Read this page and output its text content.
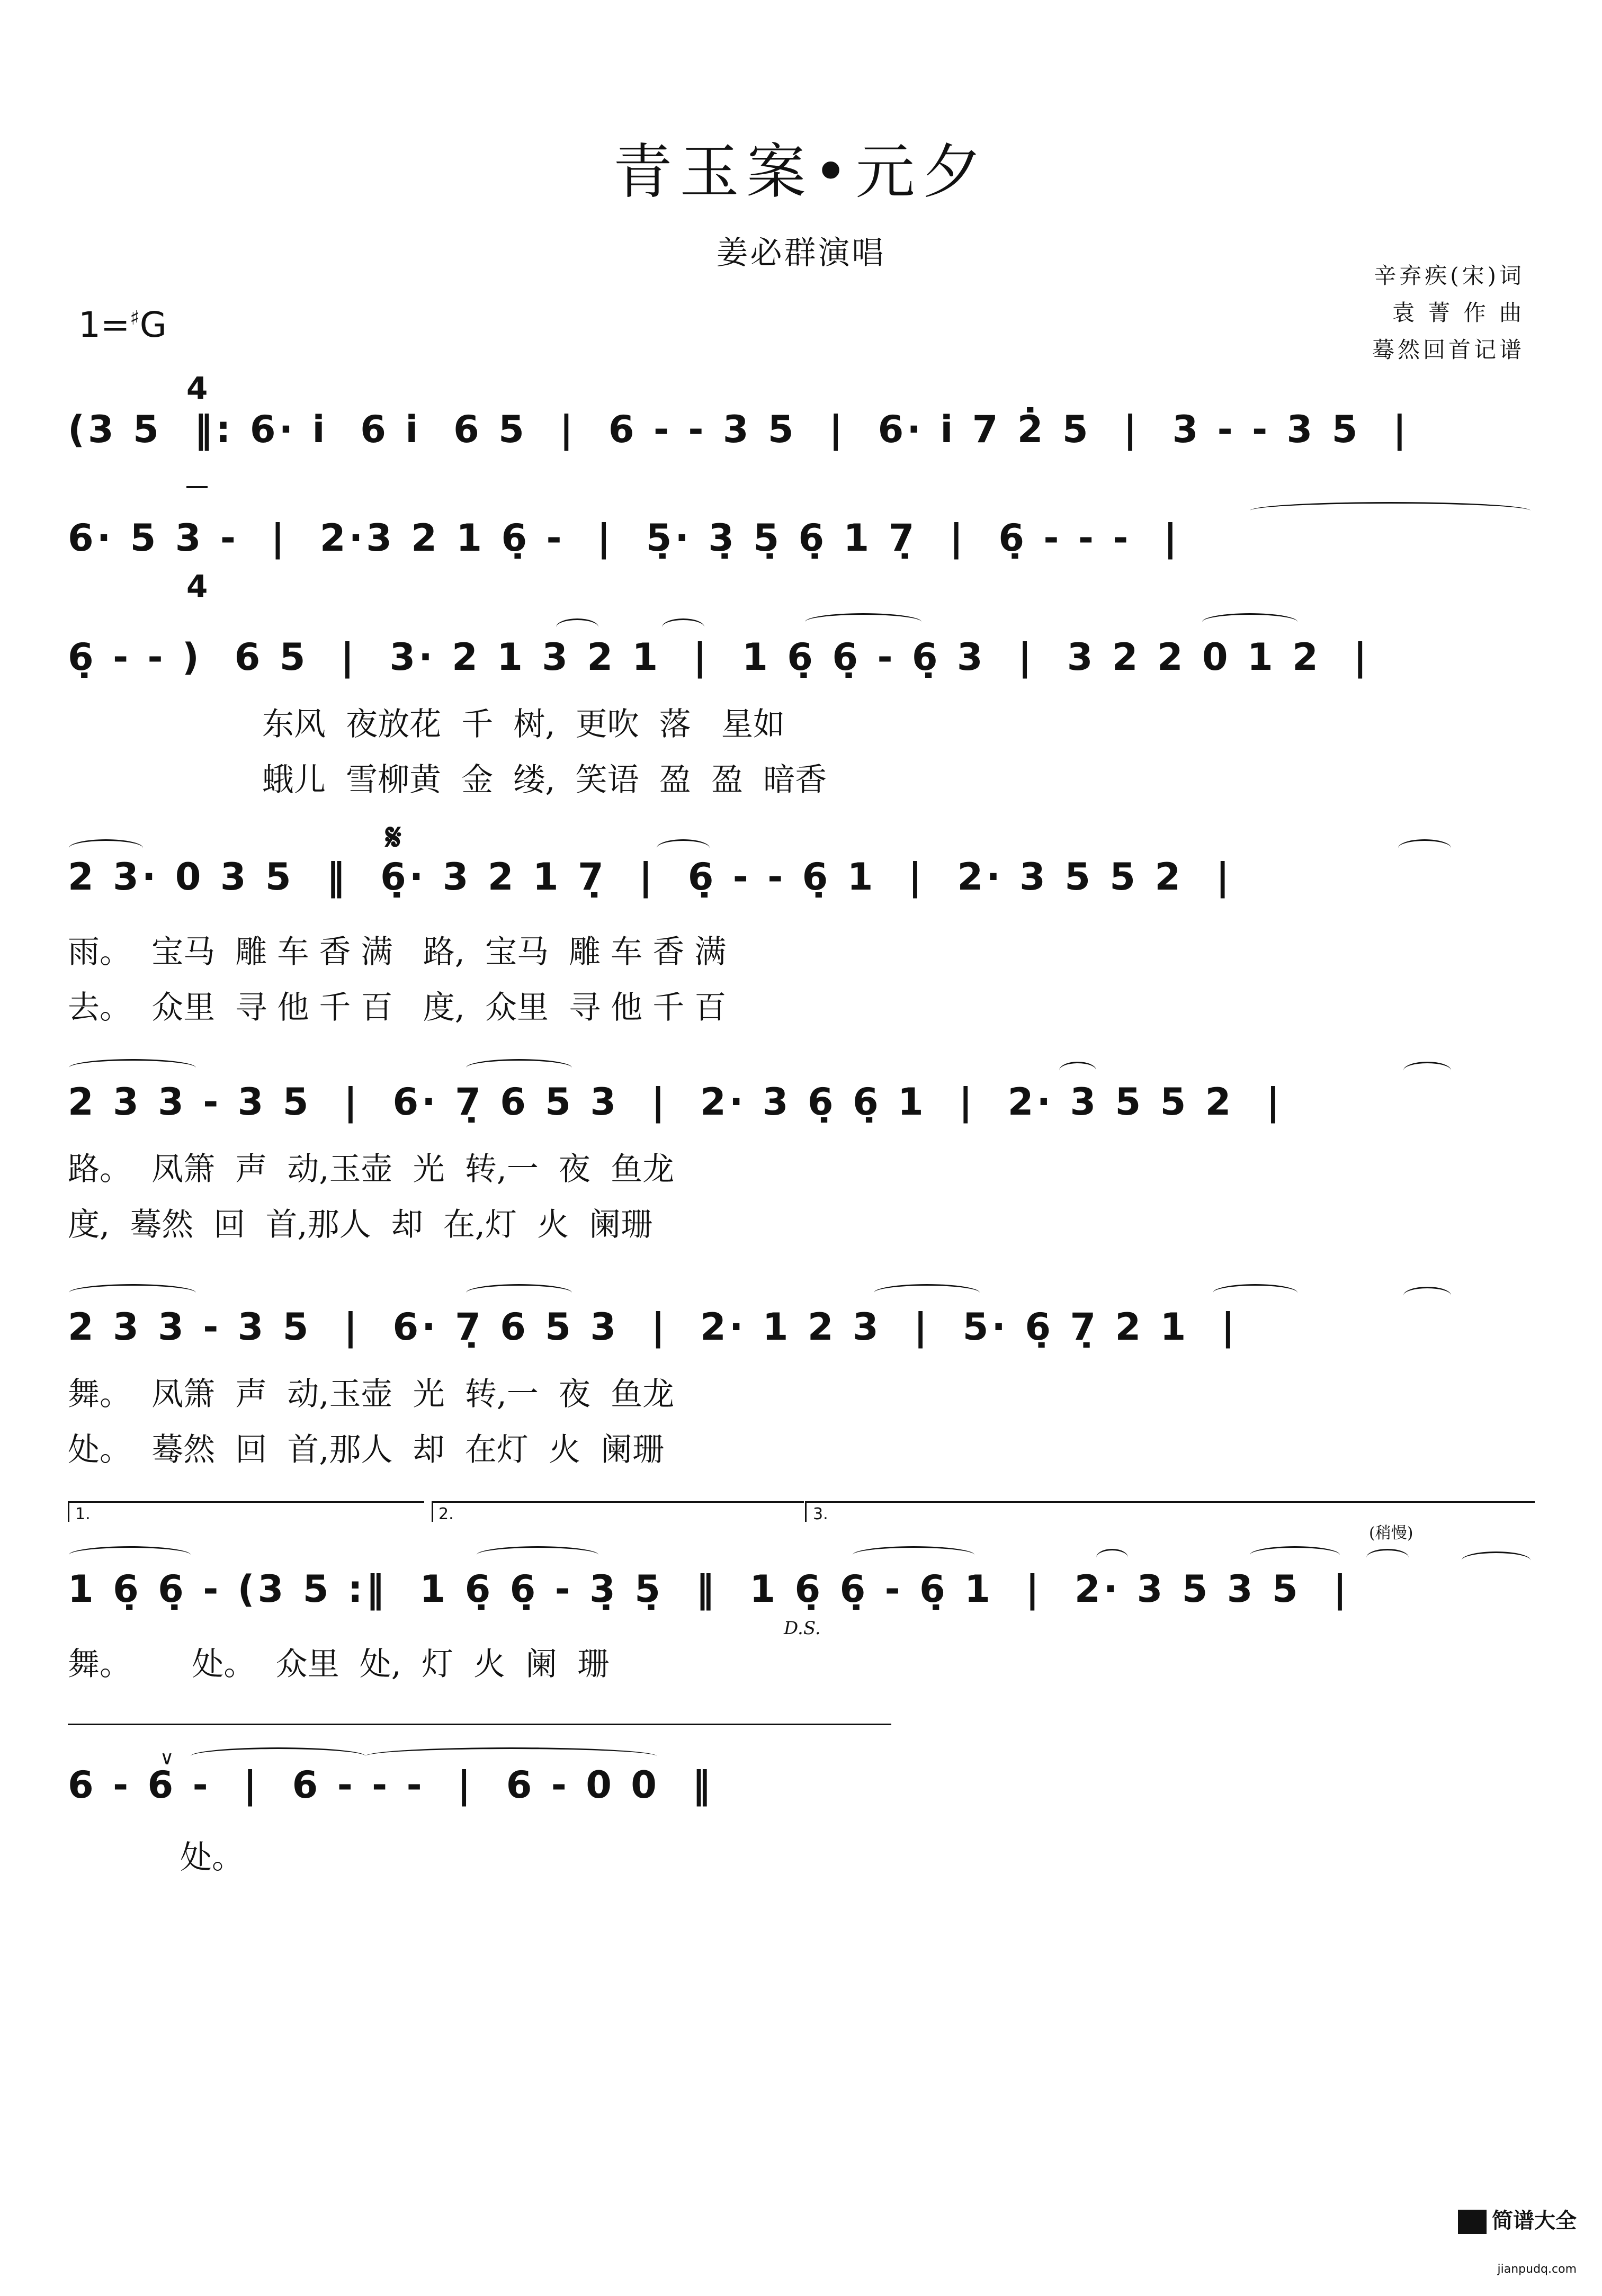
青玉案•元夕
姜必群演唱
辛弃疾(宋)词
袁 菁 作 曲
蓦然回首记谱
1=♯G

4

4

(3 5  ‖: 6· i̇  6 i̇  6 5  |  6 - - 3 5  |  6· i̇ 7 2̇ 5  |  3 - - 3 5  |
6· 5 3 -  |  2·3 2 1 6̣ -  |  5̣· 3̣ 5̣ 6̣ 1 7̣  |  6̣ - - -  |
6̣ - - )  6 5  |  3· 2 1 3 2 1  |  1 6̣ 6̣ - 6̣ 3  |  3 2 2 0 1 2  |
东风  夜放花  千  树,  更吹  落   星如
蛾儿  雪柳黄  金  缕,  笑语  盈  盈  暗香
𝄋
2 3· 0 3 5  ‖  6̣· 3 2 1 7̣  |  6̣ - - 6̣ 1  |  2· 3 5 5 2  |
雨。  宝马  雕 车 香 满   路,  宝马  雕 车 香 满
去。  众里  寻 他 千 百   度,  众里  寻 他 千 百
2 3 3 - 3 5  |  6· 7̣ 6 5 3  |  2· 3 6̣ 6̣ 1  |  2· 3 5 5 2  |
路。  凤箫  声  动,玉壶  光  转,一  夜  鱼龙
度,  蓦然  回  首,那人  却  在,灯  火  阑珊
2 3 3 - 3 5  |  6· 7̣ 6 5 3  |  2· 1 2 3  |  5· 6̣ 7̣ 2 1  |
舞。  凤箫  声  动,玉壶  光  转,一  夜  鱼龙
处。  蓦然  回  首,那人  却  在灯  火  阑珊
1.	2.	3.
(稍慢)
1 6̣ 6̣ - (3 5 :‖  1 6̣ 6̣ - 3̣ 5̣  ‖  1 6̣ 6̣ - 6̣ 1  |  2· 3 5 3 5  |
D.S.
舞。      处。  众里  处,  灯  火  阑  珊
6 - 6 -  |  6 - - -  |  6 - 0 0  ‖
∨
处。

简谱大全

jianpudq.com
